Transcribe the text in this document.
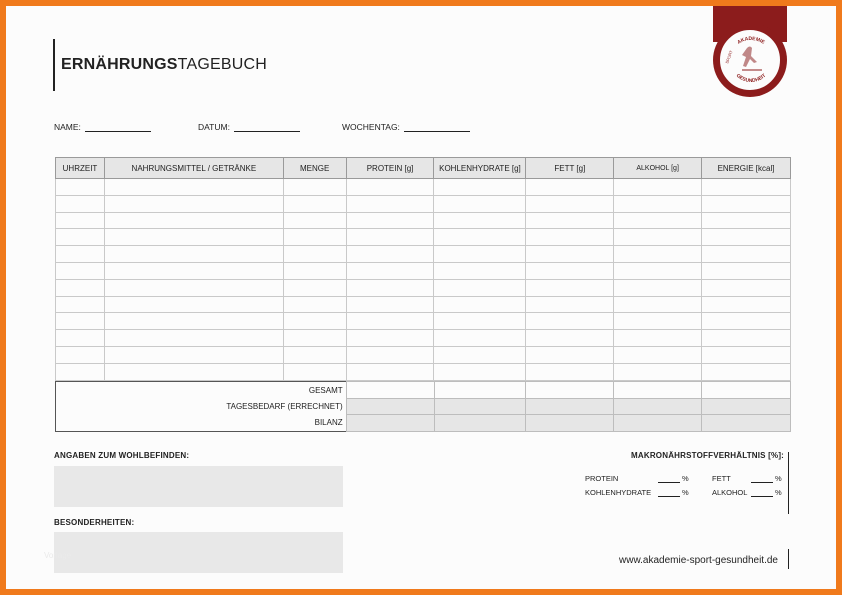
ERNÄHRUNGSTAGEBUCH
AKADEMIE
GESUNDHEIT
SPORT
NAME:	DATUM:	WOCHENTAG:
UHRZEIT	NAHRUNGSMITTEL / GETRÄNKE	MENGE	PROTEIN [g]	KOHLENHYDRATE [g]	FETT [g]	ALKOHOL [g]	ENERGIE [kcal]

GESAMT					
TAGESBEDARF (ERRECHNET)					
BILANZ					
ANGABEN ZUM WOHLBEFINDEN:
BESONDERHEITEN:
Vorlage
MAKRONÄHRSTOFFVERHÄLTNIS [%]:
PROTEIN	%
KOHLENHYDRATE	%
FETT	%
ALKOHOL	%
www.akademie-sport-gesundheit.de
